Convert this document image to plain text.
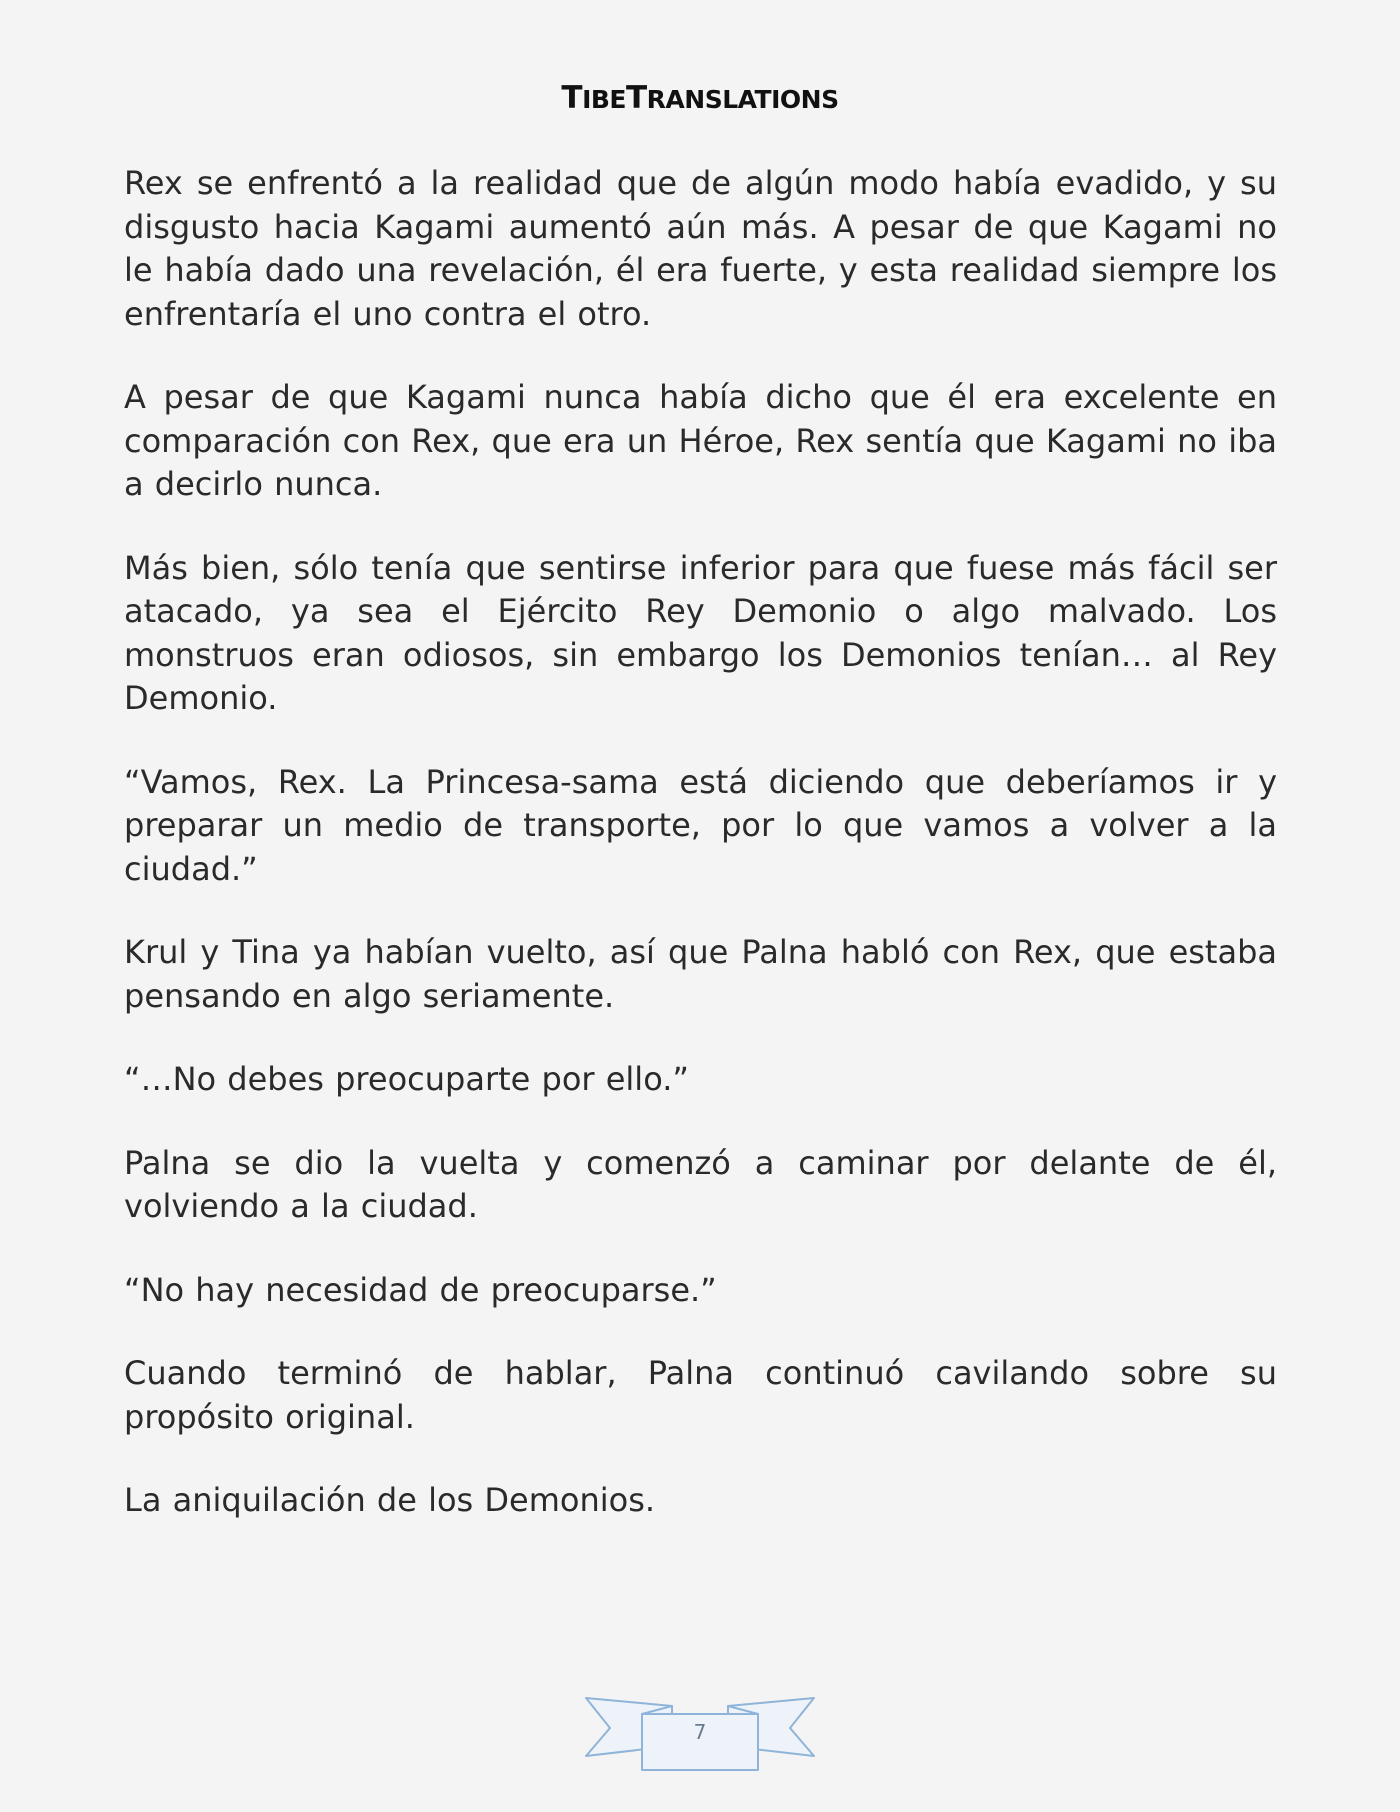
TIBETRANSLATIONS

Rex se enfrentó a la realidad que de algún modo había evadido, y su disgusto hacia Kagami aumentó aún más. A pesar de que Kagami no le había dado una revelación, él era fuerte, y esta realidad siempre los enfrentaría el uno contra el otro.

A pesar de que Kagami nunca había dicho que él era excelente en comparación con Rex, que era un Héroe, Rex sentía que Kagami no iba a decirlo nunca.

Más bien, sólo tenía que sentirse inferior para que fuese más fácil ser atacado, ya sea el Ejército Rey Demonio o algo malvado. Los monstruos eran odiosos, sin embargo los Demonios tenían… al Rey Demonio.

“Vamos, Rex. La Princesa-sama está diciendo que deberíamos ir y preparar un medio de transporte, por lo que vamos a volver a la ciudad.”

Krul y Tina ya habían vuelto, así que Palna habló con Rex, que estaba pensando en algo seriamente.

“…No debes preocuparte por ello.”

Palna se dio la vuelta y comenzó a caminar por delante de él, volviendo a la ciudad.

“No hay necesidad de preocuparse.”

Cuando terminó de hablar, Palna continuó cavilando sobre su propósito original.

La aniquilación de los Demonios.

7
